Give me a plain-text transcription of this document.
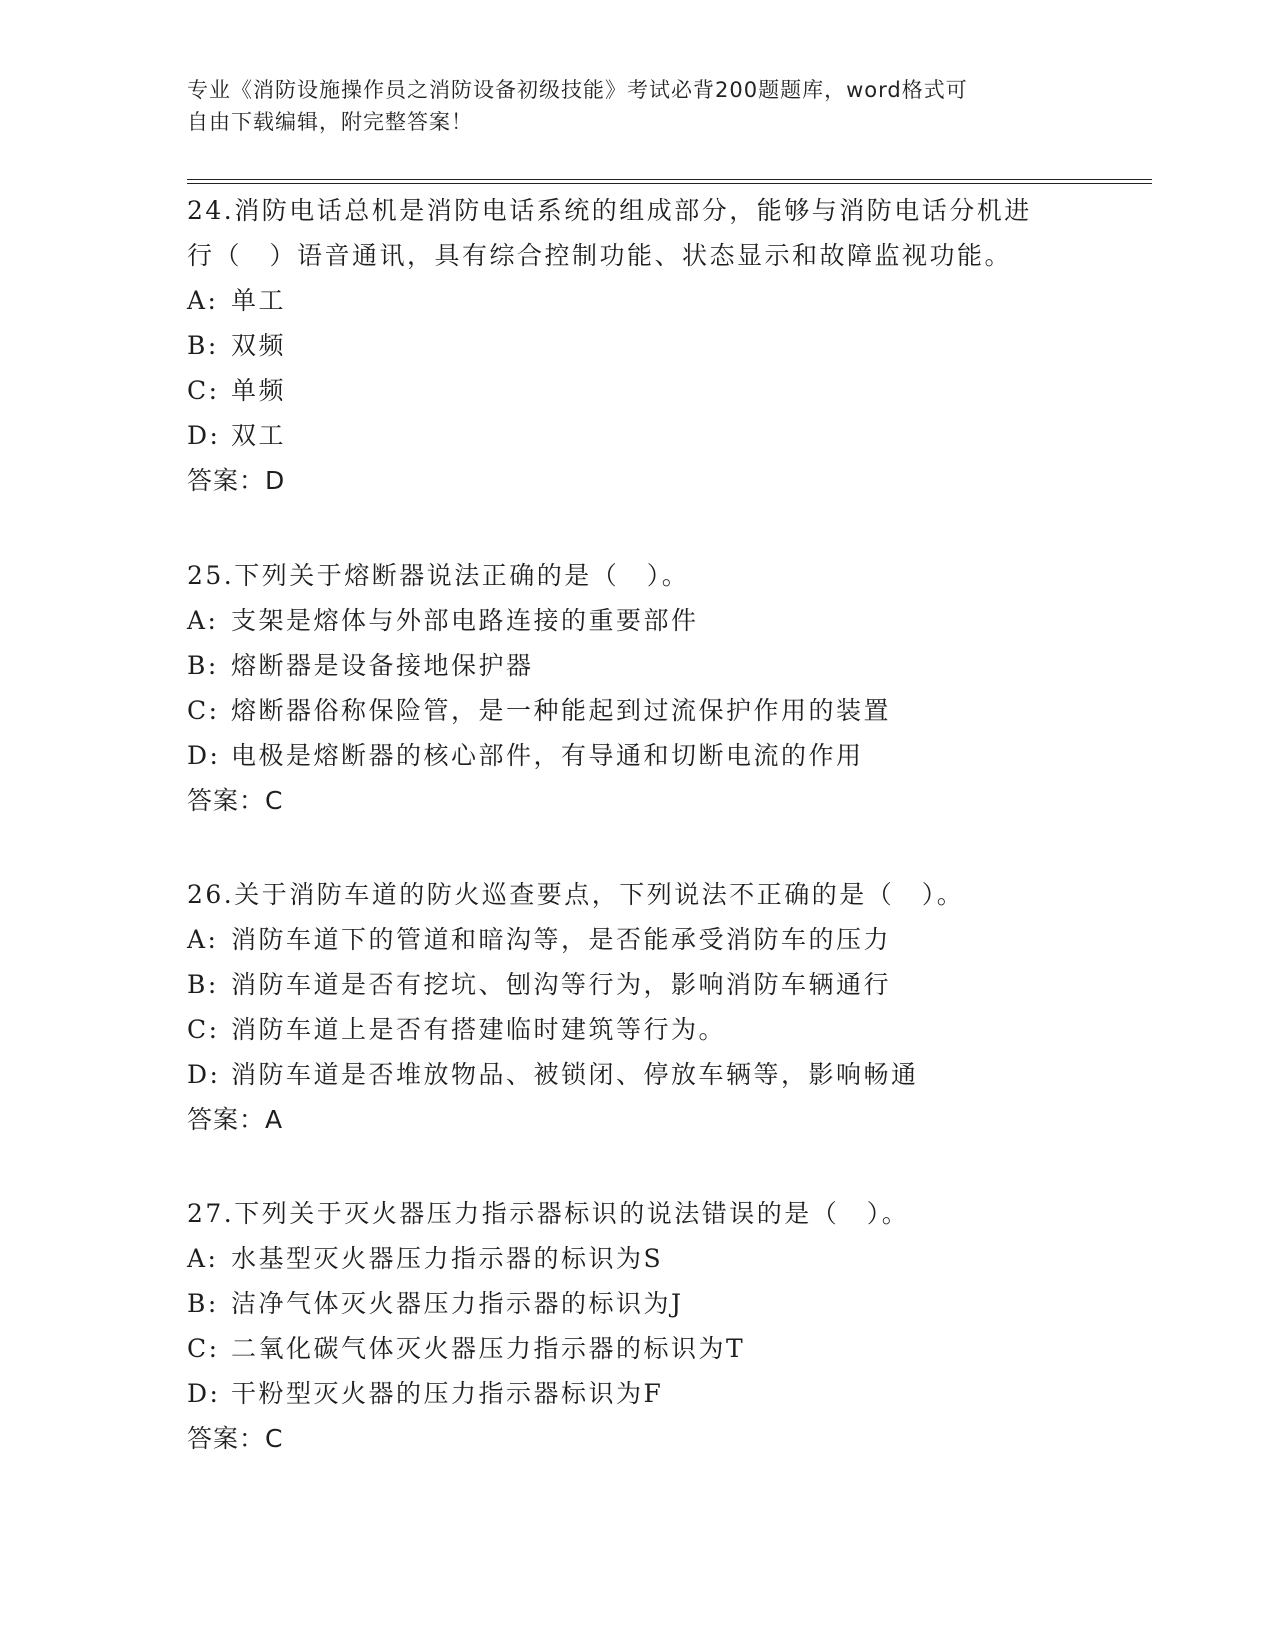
专业《消防设施操作员之消防设备初级技能》考试必背200题题库，word格式可
自由下载编辑，附完整答案！

24.消防电话总机是消防电话系统的组成部分，能够与消防电话分机进

行（　）语音通讯，具有综合控制功能、状态显示和故障监视功能。

A: 单工

B: 双频

C: 单频

D: 双工

答案：D

25.下列关于熔断器说法正确的是（　）。

A: 支架是熔体与外部电路连接的重要部件

B: 熔断器是设备接地保护器

C: 熔断器俗称保险管，是一种能起到过流保护作用的装置

D: 电极是熔断器的核心部件，有导通和切断电流的作用

答案：C

26.关于消防车道的防火巡查要点，下列说法不正确的是（　）。

A: 消防车道下的管道和暗沟等，是否能承受消防车的压力

B: 消防车道是否有挖坑、刨沟等行为，影响消防车辆通行

C: 消防车道上是否有搭建临时建筑等行为。

D: 消防车道是否堆放物品、被锁闭、停放车辆等，影响畅通

答案：A

27.下列关于灭火器压力指示器标识的说法错误的是（　）。

A: 水基型灭火器压力指示器的标识为S

B: 洁净气体灭火器压力指示器的标识为J

C: 二氧化碳气体灭火器压力指示器的标识为T

D: 干粉型灭火器的压力指示器标识为F

答案：C
